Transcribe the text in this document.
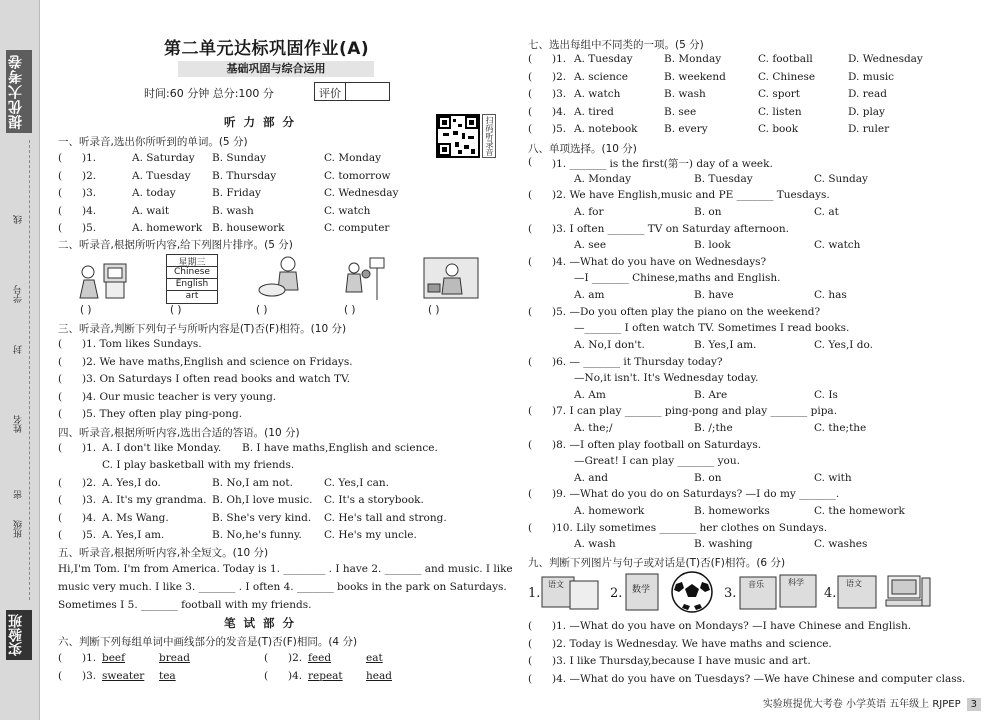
提优大考卷
线
学号
封
姓名
密
班级
实验班
第二单元达标巩固作业(A)
基础巩固与综合运用
时间:60 分钟 总分:100 分	评价
扫码听录音
听 力 部 分
一、听录音,选出你所听到的单词。(5 分)
( )1.	A. Saturday B. Sunday	C. Monday
( )2.	A. Tuesday B. Thursday	C. tomorrow
( )3.	A. today	B. Friday	C. Wednesday
( )4.	A. wait	B. wash	C. watch
( )5.	A. homework B. housework	C. computer
二、听录音,根据所听内容,给下列图片排序。(5 分)
星期三
Chinese
English
art
( )	( )	( )	( )	( )
三、听录音,判断下列句子与所听内容是(T)否(F)相符。(10 分)
( )1. Tom likes Sundays.
( )2. We have maths,English and science on Fridays.
( )3. On Saturdays I often read books and watch TV.
( )4. Our music teacher is very young.
( )5. They often play ping-pong.
四、听录音,根据所听内容,选出合适的答语。(10 分)
( )1. A. I don't like Monday. B. I have maths,English and science.
C. I play basketball with my friends.
( )2. A. Yes,I do.	B. No,I am not.	C. Yes,I can.
( )3. A. It's my grandma. B. Oh,I love music. C. It's a storybook.
( )4. A. Ms Wang.	B. She's very kind. C. He's tall and strong.
( )5. A. Yes,I am.	B. No,he's funny. C. He's my uncle.
五、听录音,根据所听内容,补全短文。(10 分)
Hi,I'm Tom. I'm from America. Today is 1. ________ . I have 2. _______ and music. I like
music very much. I like 3. _______ . I often 4. _______ books in the park on Saturdays.
Sometimes I 5. _______ football with my friends.
笔 试 部 分
六、判断下列每组单词中画线部分的发音是(T)否(F)相同。(4 分)
( )1. beef	bread	( )2. feed	eat
( )3. sweater tea	( )4. repeat head
七、选出每组中不同类的一项。(5 分)
( )1. A. Tuesday	B. Monday	C. football	D. Wednesday
( )2. A. science	B. weekend	C. Chinese	D. music
( )3. A. watch	B. wash	C. sport	D. read
( )4. A. tired	B. see	C. listen	D. play
( )5. A. notebook	B. every	C. book	D. ruler
八、单项选择。(10 分)
( )1. _______ is the first(第一) day of a week.
A. Monday	B. Tuesday	C. Sunday
( )2. We have English,music and PE _______ Tuesdays.
A. for	B. on	C. at
( )3. I often _______ TV on Saturday afternoon.
A. see	B. look	C. watch
( )4. —What do you have on Wednesdays?
—I _______ Chinese,maths and English.
A. am	B. have	C. has
( )5. —Do you often play the piano on the weekend?
—_______ I often watch TV. Sometimes I read books.
A. No,I don't.	B. Yes,I am.	C. Yes,I do.
( )6. — _______ it Thursday today?
—No,it isn't. It's Wednesday today.
A. Am	B. Are	C. Is
( )7. I can play _______ ping-pong and play _______ pipa.
A. the;/	B. /;the	C. the;the
( )8. —I often play football on Saturdays.
—Great! I can play _______ you.
A. and	B. on	C. with
( )9. —What do you do on Saturdays? —I do my _______.
A. homework	B. homeworks	C. the homework
( )10. Lily sometimes _______ her clothes on Sundays.
A. wash	B. washing	C. washes
九、判断下列图片与句子或对话是(T)否(F)相符。(6 分)
1.
语文
2. 数学	3.
音乐	科学
4.
语文
( )1. —What do you have on Mondays? —I have Chinese and English.
( )2. Today is Wednesday. We have maths and science.
( )3. I like Thursday,because I have music and art.
( )4. —What do you have on Tuesdays? —We have Chinese and computer class.
实验班提优大考卷 小学英语 五年级上 RJPEP 3
